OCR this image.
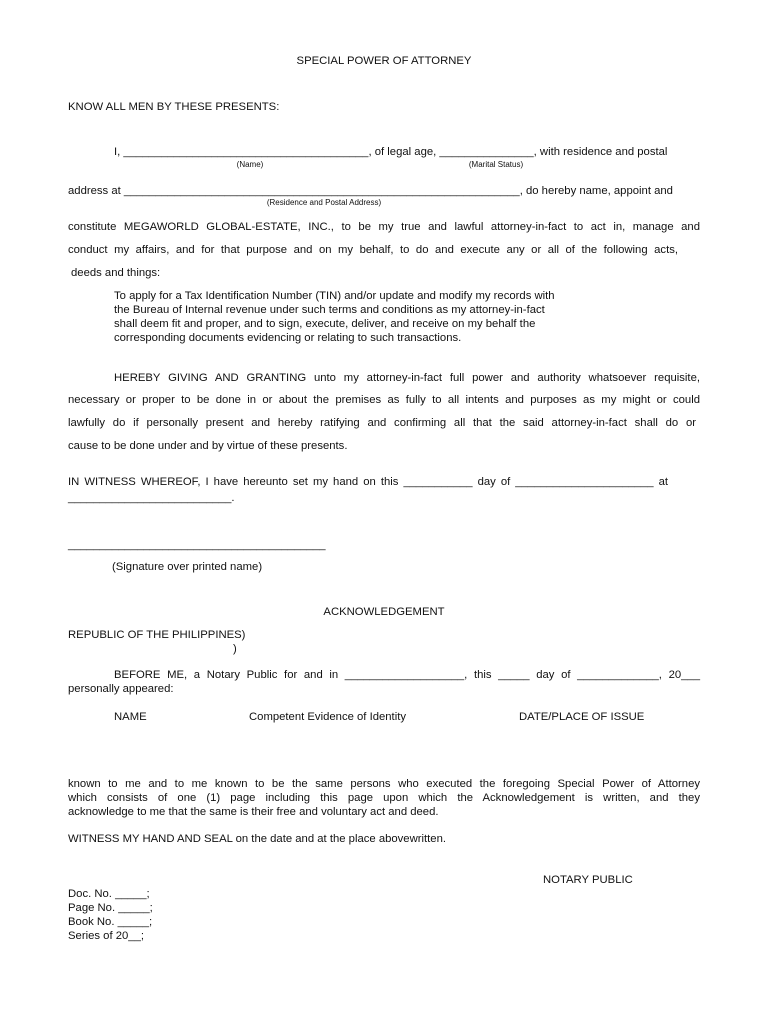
SPECIAL POWER OF ATTORNEY
KNOW ALL MEN BY THESE PRESENTS:
I, _______________________________________, of legal age, _______________, with residence and postal
(Name)	(Marital Status)
address at _______________________________________________________________, do hereby name, appoint and
(Residence and Postal Address)
constitute MEGAWORLD GLOBAL-ESTATE, INC., to be my true and lawful attorney-in-fact to act in, manage and
conduct my affairs, and for that purpose and on my behalf, to do and execute any or all of the following acts,
deeds and things:
To apply for a Tax Identification Number (TIN) and/or update and modify my records with
the Bureau of Internal revenue under such terms and conditions as my attorney-in-fact
shall deem fit and proper, and to sign, execute, deliver, and receive on my behalf the
corresponding documents evidencing or relating to such transactions.
HEREBY GIVING AND GRANTING unto my attorney-in-fact full power and authority whatsoever requisite,
necessary or proper to be done in or about the premises as fully to all intents and purposes as my might or could
lawfully do if personally present and hereby ratifying and confirming all that the said attorney-in-fact shall do or
cause to be done under and by virtue of these presents.
IN WITNESS WHEREOF, I have hereunto set my hand on this ___________ day of ______________________ at
__________________________.
_________________________________________
(Signature over printed name)
ACKNOWLEDGEMENT
REPUBLIC OF THE PHILIPPINES)
)
BEFORE ME, a Notary Public for and in ___________________, this _____ day of _____________, 20___
personally appeared:
NAME	Competent Evidence of Identity	DATE/PLACE OF ISSUE
known to me and to me known to be the same persons who executed the foregoing Special Power of Attorney
which consists of one (1) page including this page upon which the Acknowledgement is written, and they
acknowledge to me that the same is their free and voluntary act and deed.
WITNESS MY HAND AND SEAL on the date and at the place abovewritten.
NOTARY PUBLIC
Doc. No. _____;
Page No. _____;
Book No. _____;
Series of 20__;
